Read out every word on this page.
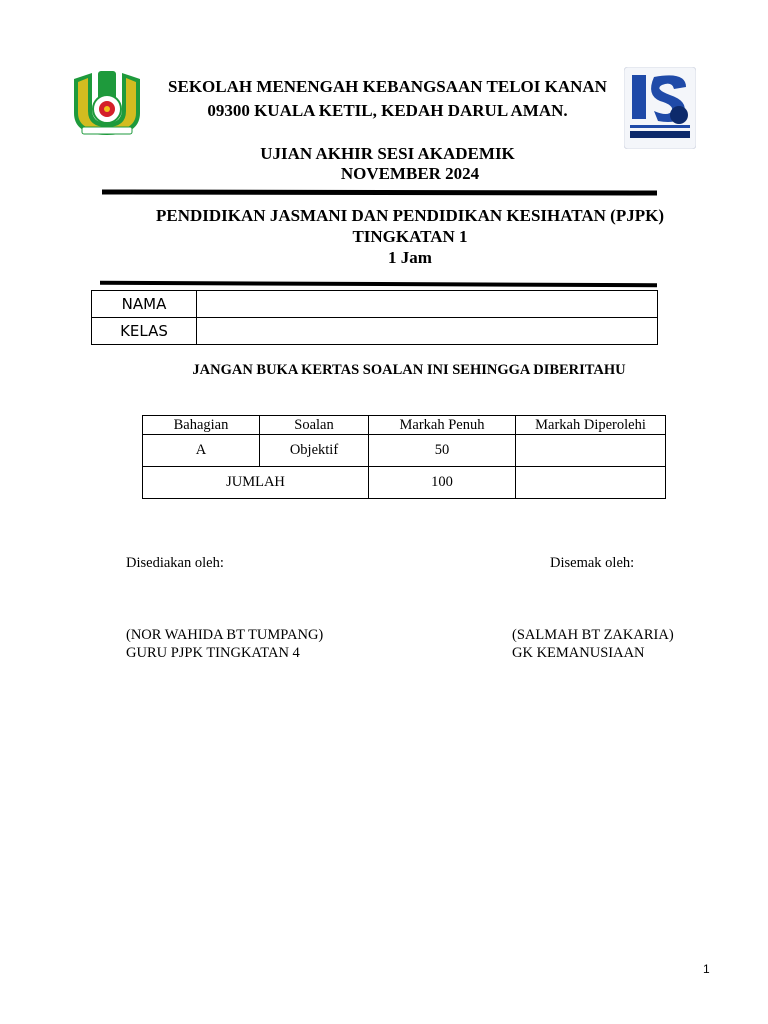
SEKOLAH MENENGAH KEBANGSAAN TELOI KANAN
09300 KUALA KETIL, KEDAH DARUL AMAN.
UJIAN AKHIR SESI AKADEMIK
NOVEMBER 2024
PENDIDIKAN JASMANI DAN PENDIDIKAN KESIHATAN (PJPK)
TINGKATAN 1
1 Jam
NAMA	
KELAS	
JANGAN BUKA KERTAS SOALAN INI SEHINGGA DIBERITAHU
Bahagian	Soalan	Markah Penuh	Markah Diperolehi
A	Objektif	50	
JUMLAH		100	
Disediakan oleh:	Disemak oleh:
(NOR WAHIDA BT TUMPANG)
GURU PJPK TINGKATAN 4
(SALMAH BT ZAKARIA)
GK KEMANUSIAAN
1
